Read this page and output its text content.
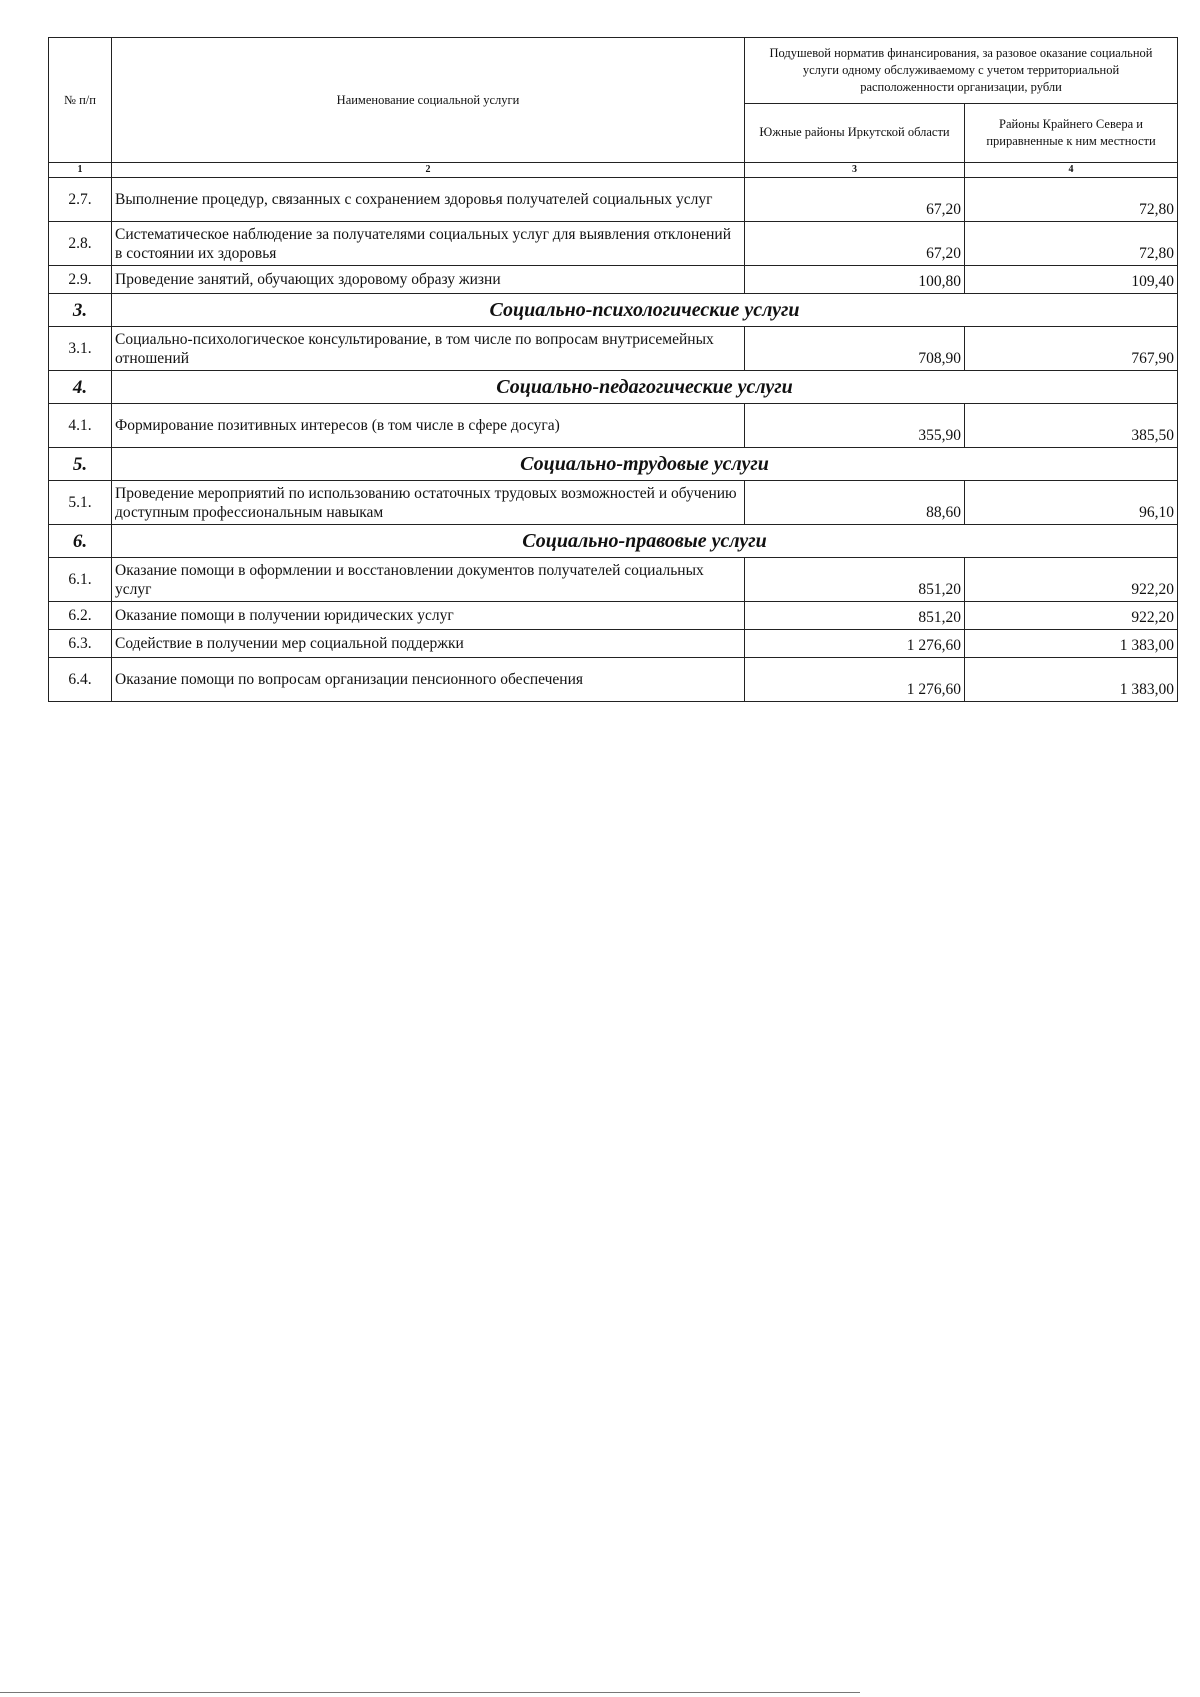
№ п/п	Наименование социальной услуги	Подушевой норматив финансирования, за разовое оказание социальной услуги одному обслуживаемому с учетом территориальной расположенности организации, рубли	
		Южные районы Иркутской области	Районы Крайнего Севера и приравненные к ним местности
1	2	3	4
2.7.	Выполнение процедур, связанных с сохранением здоровья получателей социальных услуг	67,20	72,80
2.8.	Систематическое наблюдение за получателями социальных услуг для выявления отклонений в состоянии их здоровья	67,20	72,80
2.9.	Проведение занятий, обучающих здоровому образу жизни	100,80	109,40
3.	Социально-психологические услуги		
3.1.	Социально-психологическое консультирование, в том числе по вопросам внутрисемейных отношений	708,90	767,90
4.	Социально-педагогические услуги		
4.1.	Формирование позитивных интересов (в том числе в сфере досуга)	355,90	385,50
5.	Социально-трудовые услуги		
5.1.	Проведение мероприятий по использованию остаточных трудовых возможностей и обучению доступным профессиональным навыкам	88,60	96,10
6.	Социально-правовые услуги		
6.1.	Оказание помощи в оформлении и восстановлении документов получателей социальных услуг	851,20	922,20
6.2.	Оказание помощи в получении юридических услуг	851,20	922,20
6.3.	Содействие в получении мер социальной поддержки	1 276,60	1 383,00
6.4.	Оказание помощи по вопросам организации пенсионного обеспечения	1 276,60	1 383,00
